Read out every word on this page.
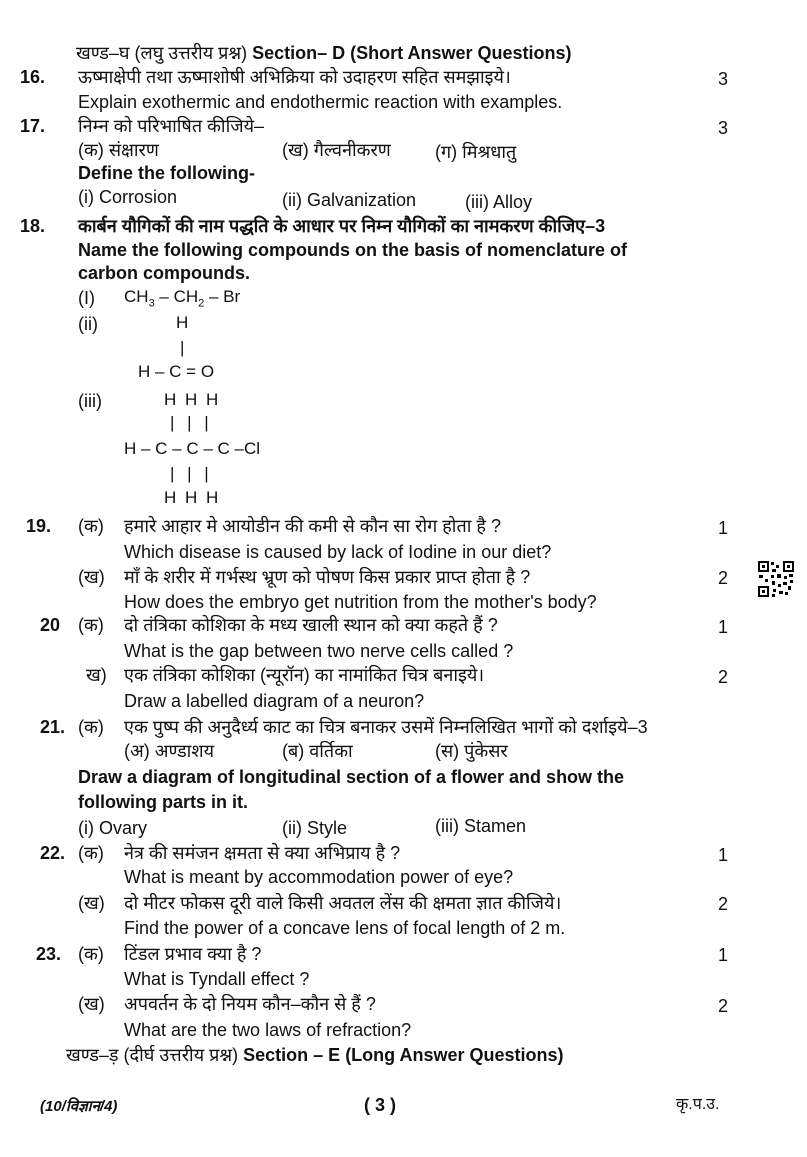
खण्ड–घ (लघु उत्तरीय प्रश्न) Section– D (Short Answer Questions)
16. ऊष्माक्षेपी तथा ऊष्माशोषी अभिक्रिया को उदाहरण सहित समझाइये।	3
Explain exothermic and endothermic reaction with examples.
17. निम्न को परिभाषित कीजिये–	3
(क) संक्षारण	(ख) गैल्वनीकरण (ग) मिश्रधातु
Define the following-
(i) Corrosion	(ii) Galvanization	(iii) Alloy
18. कार्बन यौगिकों की नाम पद्धति के आधार पर निम्न यौगिकों का नामकरण कीजिए–3
Name the following compounds on the basis of nomenclature of
carbon compounds.
(I) $CH_3 - CH_2$ – Br
(ii)	H
|
H – C = O
(iii)	H H H
| | |
H – C – C – C –Cl
| | |
H H H
19. (क) हमारे आहार मे आयोडीन की कमी से कौन सा रोग होता है ?	1
Which disease is caused by lack of Iodine in our diet?
(ख) माँ के शरीर में गर्भस्थ भ्रूण को पोषण किस प्रकार प्राप्त होता है ?	2
How does the embryo get nutrition from the mother's body?
20 (क) दो तंत्रिका कोशिका के मध्य खाली स्थान को क्या कहते हैं ?	1
What is the gap between two nerve cells called ?
ख) एक तंत्रिका कोशिका (न्यूरॉन) का नामांकित चित्र बनाइये।	2
Draw a labelled diagram of a neuron?
21. (क) एक पुष्प की अनुदैर्ध्य काट का चित्र बनाकर उसमें निम्नलिखित भागों को दर्शाइये–3
(अ) अण्डाशय	(ब) वर्तिका	(स) पुंकेसर
Draw a diagram of longitudinal section of a flower and show the
following parts in it.
(i) Ovary	(ii) Style	(iii) Stamen
22. (क) नेत्र की समंजन क्षमता से क्या अभिप्राय है ?	1
What is meant by accommodation power of eye?
(ख) दो मीटर फोकस दूरी वाले किसी अवतल लेंस की क्षमता ज्ञात कीजिये।	2
Find the power of a concave lens of focal length of 2 m.
23. (क) टिंडल प्रभाव क्या है ?	1
What is Tyndall effect ?
(ख) अपवर्तन के दो नियम कौन–कौन से हैं ?	2
What are the two laws of refraction?
खण्ड–ड़ (दीर्घ उत्तरीय प्रश्न) Section – E (Long Answer Questions)
(10/विज्ञान/4)	( 3 )	कृ.प.उ.
